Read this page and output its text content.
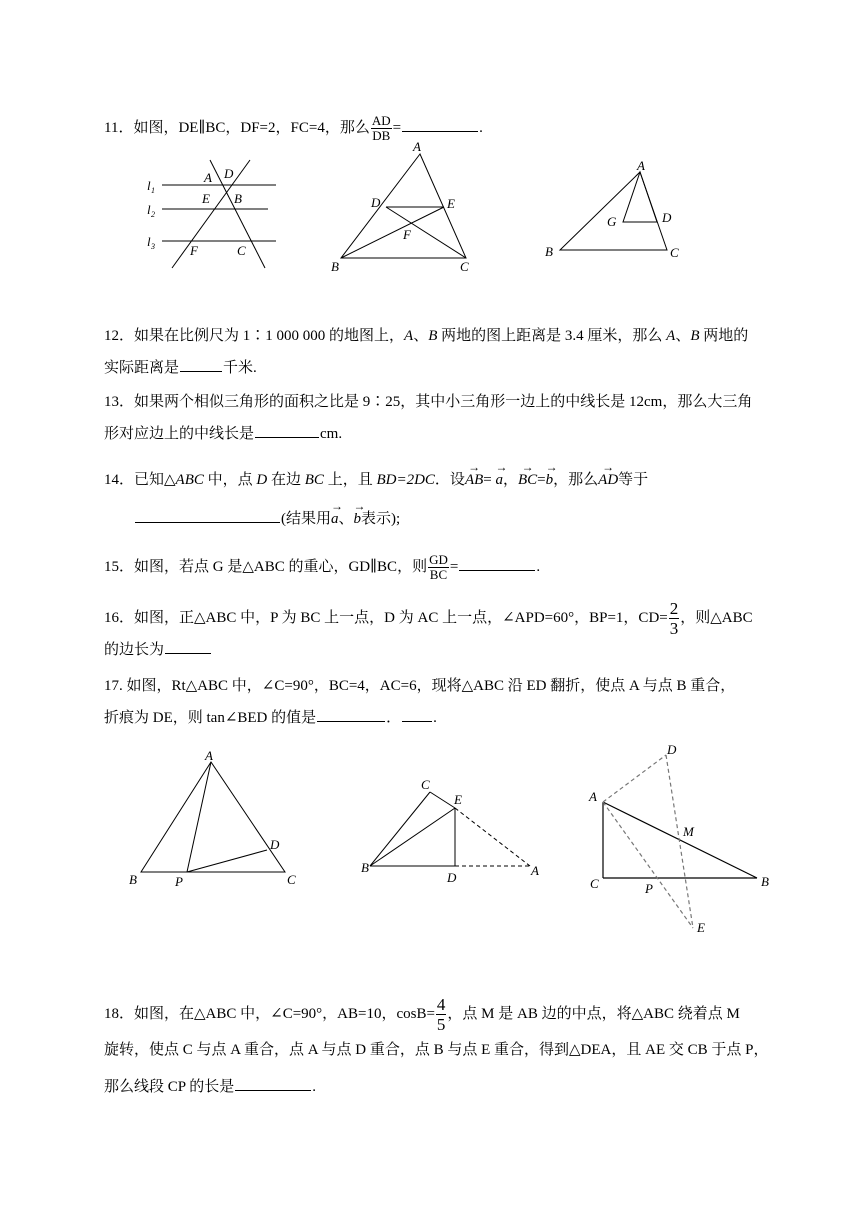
11．如图，DE∥BC，DF=2，FC=4，那么 $\frac{AD}{DB}$ =	.
l 1
l 2
l 3
A D
E B
F	C
A
D	E
F
B	C
A
G	D
B	C
12．如果在比例尺为 1∶1 000 000 的地图上，A、B 两地的图上距离是 3.4 厘米，那么 A、B 两地的
实际距离是	千米.
13．如果两个相似三角形的面积之比是 9∶25，其中小三角形一边上的中线长是 12cm，那么大三角
形对应边上的中线长是	cm.
14．已知△ABC 中，点 D 在边 BC 上，且 BD=2DC．设→ AB= → a，→ BC=→ b，那么→ AD等于
(结果用→ a、→ b表示);
15．如图，若点 G 是△ABC 的重心，GD∥BC，则 $\frac{GD}{BC}$ =	.
16．如图，正△ABC 中，P 为 BC 上一点，D 为 AC 上一点，∠APD=60°，BP=1，$CD= \frac{2}{3}$ ，则△ABC
的边长为
17. 如图，Rt△ABC 中，∠C=90°，BC=4，AC=6，现将△ABC 沿 ED 翻折，使点 A 与点 B 重合，
折痕为 DE，则 tan∠BED 的值是	． .
A
D
B	P	C
C
E
B
D	A
D
A
M
C	P	B
E
18．如图，在△ABC 中，∠C=90°，AB=10，$\cos B= \frac{4}{5}$ ，点 M 是 AB 边的中点，将△ABC 绕着点 M
旋转，使点 C 与点 A 重合，点 A 与点 D 重合，点 B 与点 E 重合，得到△DEA，且 AE 交 CB 于点 P，
那么线段 CP 的长是	.
